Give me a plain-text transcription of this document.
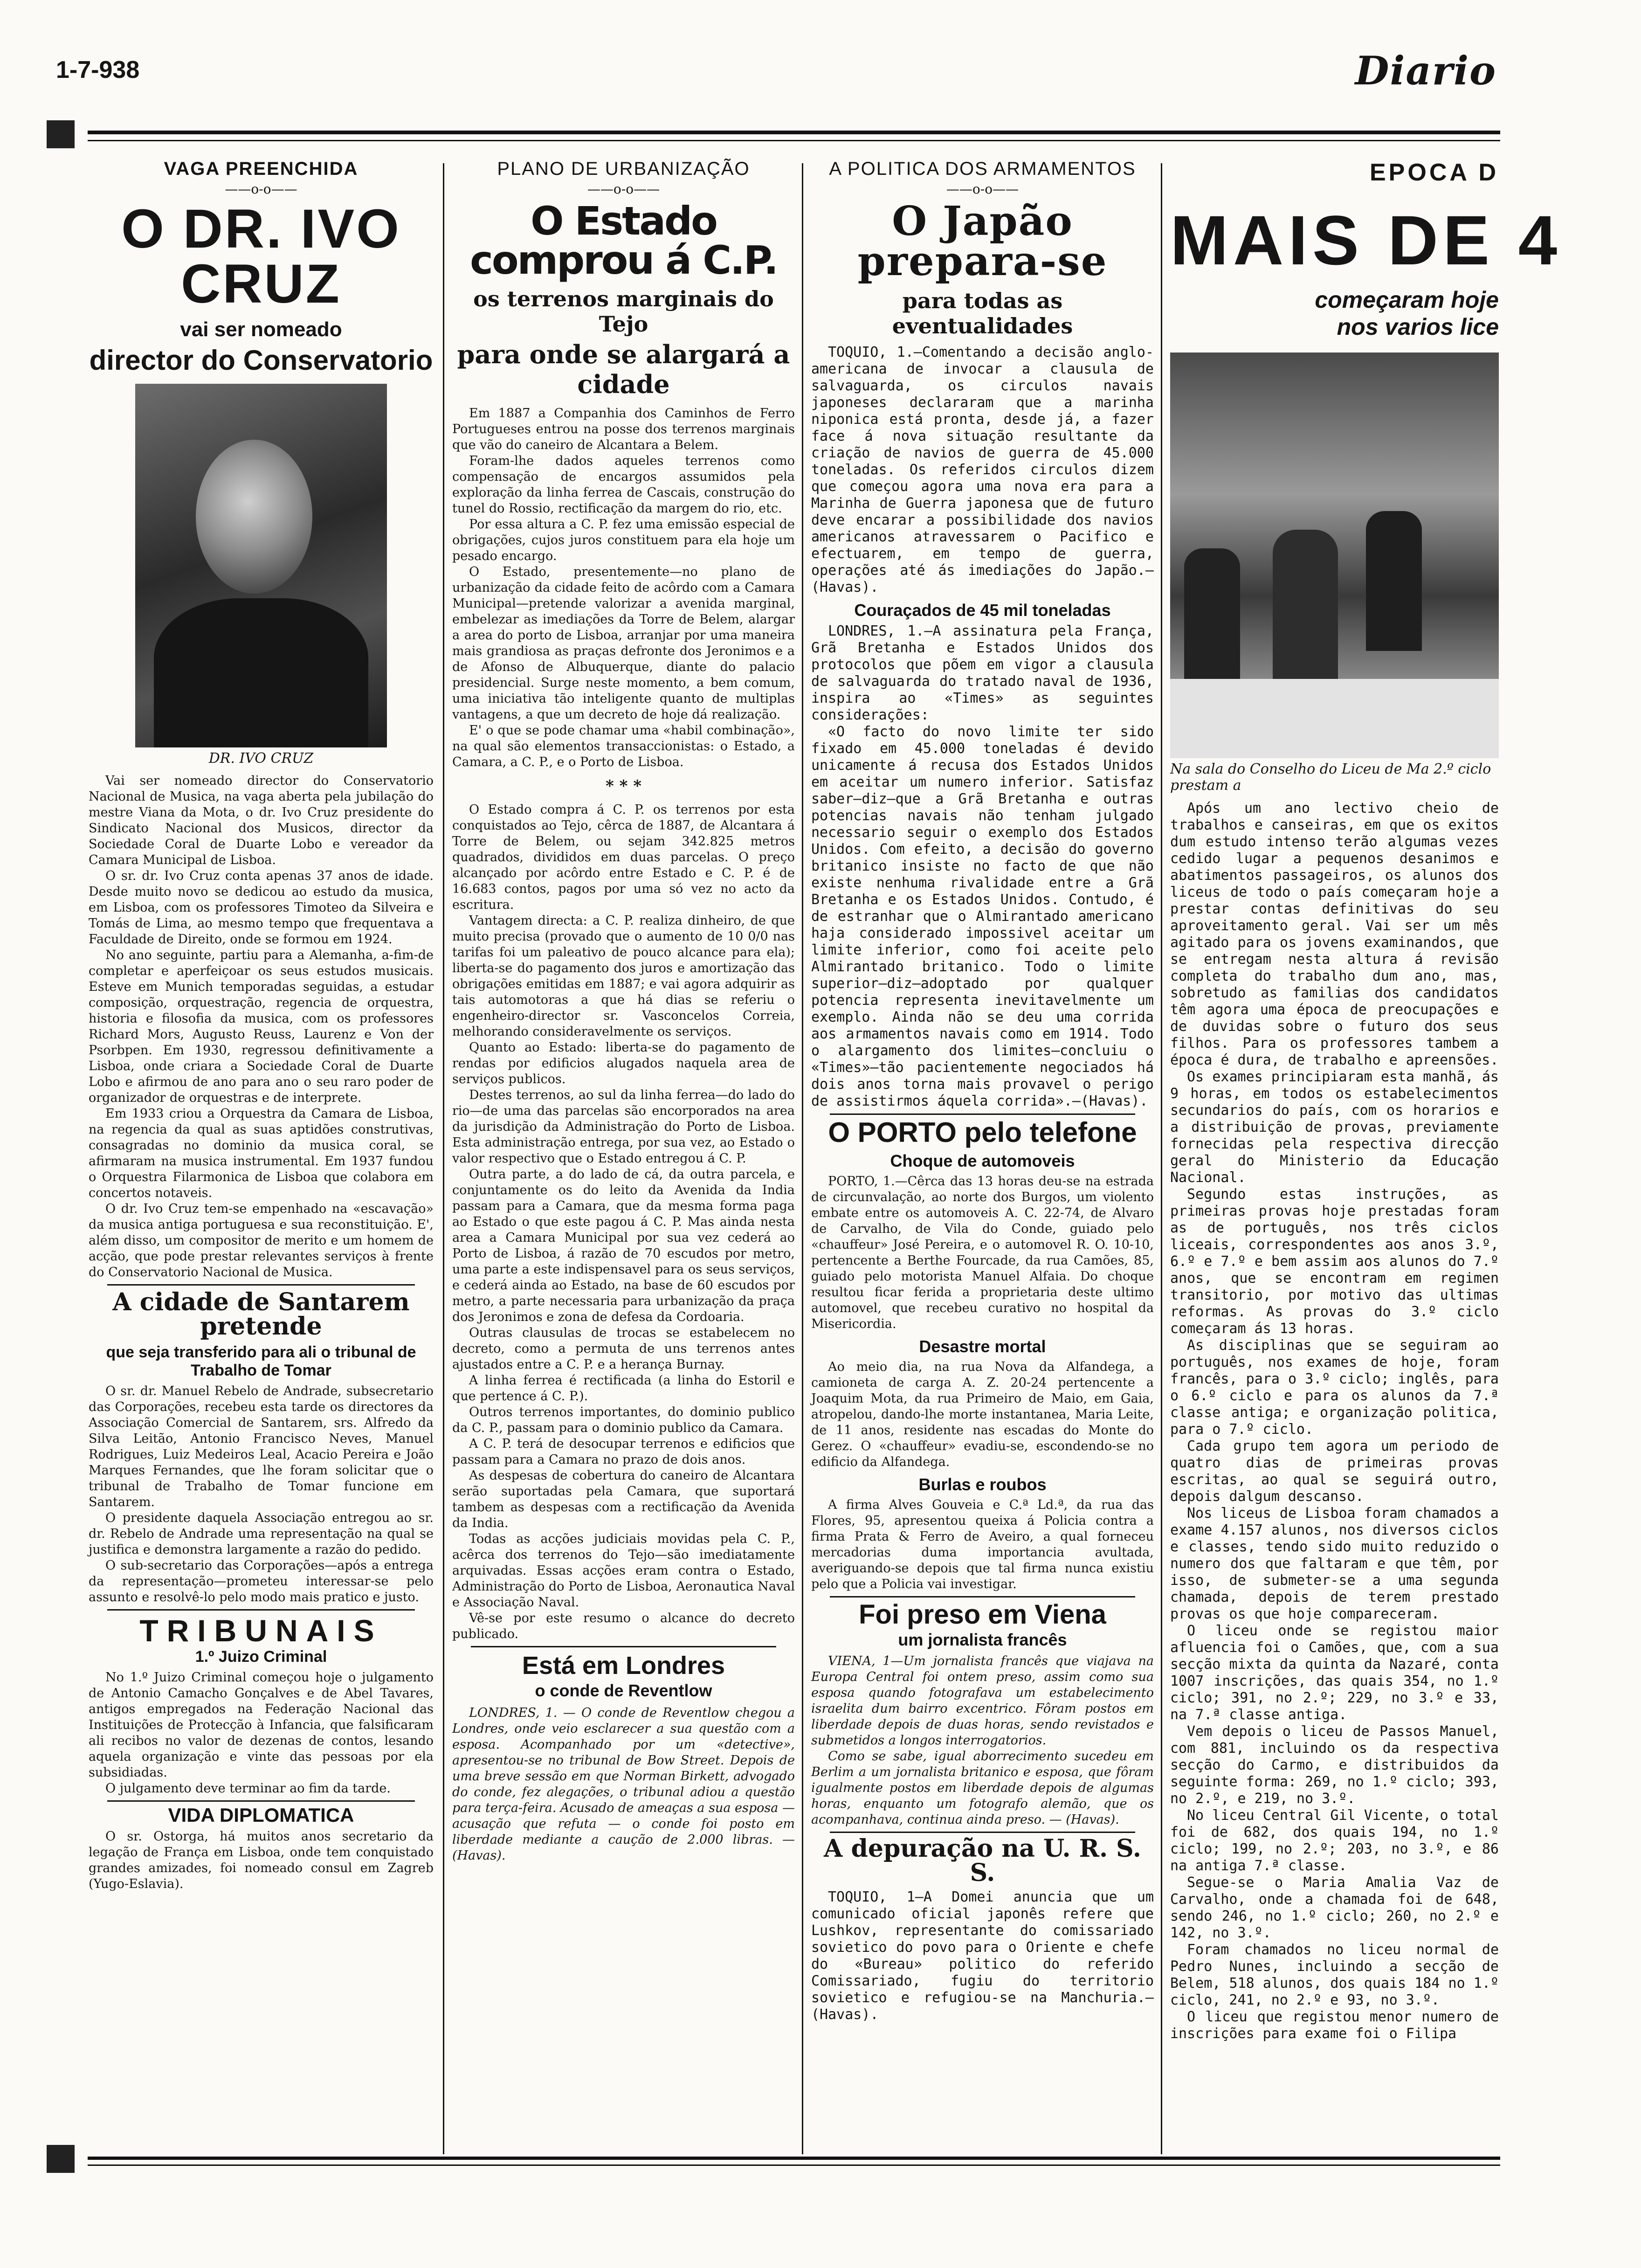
1-7-938	Diario
VAGA PREENCHIDA
——o-o——
O DR. IVO CRUZ
vai ser nomeado
director do Conservatorio
DR. IVO CRUZ

Vai ser nomeado director do Conservatorio Nacional de Musica, na vaga aberta pela jubilação do mestre Viana da Mota, o dr. Ivo Cruz presidente do Sindicato Nacional dos Musicos, director da Sociedade Coral de Duarte Lobo e vereador da Camara Municipal de Lisboa.

O sr. dr. Ivo Cruz conta apenas 37 anos de idade. Desde muito novo se dedicou ao estudo da musica, em Lisboa, com os professores Timoteo da Silveira e Tomás de Lima, ao mesmo tempo que frequentava a Faculdade de Direito, onde se formou em 1924.

No ano seguinte, partiu para a Alemanha, a-fim-de completar e aperfeiçoar os seus estudos musicais. Esteve em Munich temporadas seguidas, a estudar composição, orquestração, regencia de orquestra, historia e filosofia da musica, com os professores Richard Mors, Augusto Reuss, Laurenz e Von der Psorbpen. Em 1930, regressou definitivamente a Lisboa, onde criara a Sociedade Coral de Duarte Lobo e afirmou de ano para ano o seu raro poder de organizador de orquestras e de interprete.

Em 1933 criou a Orquestra da Camara de Lisboa, na regencia da qual as suas aptidões construtivas, consagradas no dominio da musica coral, se afirmaram na musica instrumental. Em 1937 fundou o Orquestra Filarmonica de Lisboa que colabora em concertos notaveis.

O dr. Ivo Cruz tem-se empenhado na «escavação» da musica antiga portuguesa e sua reconstituição. E', além disso, um compositor de merito e um homem de acção, que pode prestar relevantes serviços à frente do Conservatorio Nacional de Musica.

A cidade de Santarem pretende
que seja transferido para ali o tribunal de Trabalho de Tomar

O sr. dr. Manuel Rebelo de Andrade, subsecretario das Corporações, recebeu esta tarde os directores da Associação Comercial de Santarem, srs. Alfredo da Silva Leitão, Antonio Francisco Neves, Manuel Rodrigues, Luiz Medeiros Leal, Acacio Pereira e João Marques Fernandes, que lhe foram solicitar que o tribunal de Trabalho de Tomar funcione em Santarem.

O presidente daquela Associação entregou ao sr. dr. Rebelo de Andrade uma representação na qual se justifica e demonstra largamente a razão do pedido.

O sub-secretario das Corporações—após a entrega da representação—prometeu interessar-se pelo assunto e resolvê-lo pelo modo mais pratico e justo.

TRIBUNAIS
1.º Juizo Criminal

No 1.º Juizo Criminal começou hoje o julgamento de Antonio Camacho Gonçalves e de Abel Tavares, antigos empregados na Federação Nacional das Instituições de Protecção à Infancia, que falsificaram ali recibos no valor de dezenas de contos, lesando aquela organização e vinte das pessoas por ela subsidiadas.

O julgamento deve terminar ao fim da tarde.

VIDA DIPLOMATICA

O sr. Ostorga, há muitos anos secretario da legação de França em Lisboa, onde tem conquistado grandes amizades, foi nomeado consul em Zagreb (Yugo-Eslavia).

PLANO DE URBANIZAÇÃO
——o-o——
O Estado comprou á C.P.
os terrenos marginais do Tejo
para onde se alargará a cidade

Em 1887 a Companhia dos Caminhos de Ferro Portugueses entrou na posse dos terrenos marginais que vão do caneiro de Alcantara a Belem.

Foram-lhe dados aqueles terrenos como compensação de encargos assumidos pela exploração da linha ferrea de Cascais, construção do tunel do Rossio, rectificação da margem do rio, etc.

Por essa altura a C. P. fez uma emissão especial de obrigações, cujos juros constituem para ela hoje um pesado encargo.

O Estado, presentemente—no plano de urbanização da cidade feito de acôrdo com a Camara Municipal—pretende valorizar a avenida marginal, embelezar as imediações da Torre de Belem, alargar a area do porto de Lisboa, arranjar por uma maneira mais grandiosa as praças defronte dos Jeronimos e a de Afonso de Albuquerque, diante do palacio presidencial. Surge neste momento, a bem comum, uma iniciativa tão inteligente quanto de multiplas vantagens, a que um decreto de hoje dá realização.

E' o que se pode chamar uma «habil combinação», na qual são elementos transaccionistas: o Estado, a Camara, a C. P., e o Porto de Lisboa.

* * *

O Estado compra á C. P. os terrenos por esta conquistados ao Tejo, cêrca de 1887, de Alcantara á Torre de Belem, ou sejam 342.825 metros quadrados, divididos em duas parcelas. O preço alcançado por acôrdo entre Estado e C. P. é de 16.683 contos, pagos por uma só vez no acto da escritura.

Vantagem directa: a C. P. realiza dinheiro, de que muito precisa (provado que o aumento de 10 0/0 nas tarifas foi um paleativo de pouco alcance para ela); liberta-se do pagamento dos juros e amortização das obrigações emitidas em 1887; e vai agora adquirir as tais automotoras a que há dias se referiu o engenheiro-director sr. Vasconcelos Correia, melhorando consideravelmente os serviços.

Quanto ao Estado: liberta-se do pagamento de rendas por edificios alugados naquela area de serviços publicos.

Destes terrenos, ao sul da linha ferrea—do lado do rio—de uma das parcelas são encorporados na area da jurisdição da Administração do Porto de Lisboa. Esta administração entrega, por sua vez, ao Estado o valor respectivo que o Estado entregou á C. P.

Outra parte, a do lado de cá, da outra parcela, e conjuntamente os do leito da Avenida da India passam para a Camara, que da mesma forma paga ao Estado o que este pagou á C. P. Mas ainda nesta area a Camara Municipal por sua vez cederá ao Porto de Lisboa, á razão de 70 escudos por metro, uma parte a este indispensavel para os seus serviços, e cederá ainda ao Estado, na base de 60 escudos por metro, a parte necessaria para urbanização da praça dos Jeronimos e zona de defesa da Cordoaria.

Outras clausulas de trocas se estabelecem no decreto, como a permuta de uns terrenos antes ajustados entre a C. P. e a herança Burnay.

A linha ferrea é rectificada (a linha do Estoril e que pertence á C. P.).

Outros terrenos importantes, do dominio publico da C. P., passam para o dominio publico da Camara.

A C. P. terá de desocupar terrenos e edificios que passam para a Camara no prazo de dois anos.

As despesas de cobertura do caneiro de Alcantara serão suportadas pela Camara, que suportará tambem as despesas com a rectificação da Avenida da India.

Todas as acções judiciais movidas pela C. P., acêrca dos terrenos do Tejo—são imediatamente arquivadas. Essas acções eram contra o Estado, Administração do Porto de Lisboa, Aeronautica Naval e Associação Naval.

Vê-se por este resumo o alcance do decreto publicado.

Está em Londres
o conde de Reventlow

LONDRES, 1. — O conde de Reventlow chegou a Londres, onde veio esclarecer a sua questão com a esposa. Acompanhado por um «detective», apresentou-se no tribunal de Bow Street. Depois de uma breve sessão em que Norman Birkett, advogado do conde, fez alegações, o tribunal adiou a questão para terça-feira. Acusado de ameaças a sua esposa — acusação que refuta — o conde foi posto em liberdade mediante a caução de 2.000 libras. — (Havas).

A POLITICA DOS ARMAMENTOS
——o-o——
O Japão prepara-se
para todas as eventualidades

TOQUIO, 1.—Comentando a decisão anglo-americana de invocar a clausula de salvaguarda, os circulos navais japoneses declararam que a marinha niponica está pronta, desde já, a fazer face á nova situação resultante da criação de navios de guerra de 45.000 toneladas. Os referidos circulos dizem que começou agora uma nova era para a Marinha de Guerra japonesa que de futuro deve encarar a possibilidade dos navios americanos atravessarem o Pacifico e efectuarem, em tempo de guerra, operações até ás imediações do Japão.—(Havas).

Couraçados de 45 mil toneladas

LONDRES, 1.—A assinatura pela França, Grã Bretanha e Estados Unidos dos protocolos que põem em vigor a clausula de salvaguarda do tratado naval de 1936, inspira ao «Times» as seguintes considerações:

«O facto do novo limite ter sido fixado em 45.000 toneladas é devido unicamente á recusa dos Estados Unidos em aceitar um numero inferior. Satisfaz saber—diz—que a Grã Bretanha e outras potencias navais não tenham julgado necessario seguir o exemplo dos Estados Unidos. Com efeito, a decisão do governo britanico insiste no facto de que não existe nenhuma rivalidade entre a Grã Bretanha e os Estados Unidos. Contudo, é de estranhar que o Almirantado americano haja considerado impossivel aceitar um limite inferior, como foi aceite pelo Almirantado britanico. Todo o limite superior—diz—adoptado por qualquer potencia representa inevitavelmente um exemplo. Ainda não se deu uma corrida aos armamentos navais como em 1914. Todo o alargamento dos limites—concluiu o «Times»—tão pacientemente negociados há dois anos torna mais provavel o perigo de assistirmos áquela corrida».—(Havas).

O PORTO pelo telefone
Choque de automoveis

PORTO, 1.—Cêrca das 13 horas deu-se na estrada de circunvalação, ao norte dos Burgos, um violento embate entre os automoveis A. C. 22-74, de Alvaro de Carvalho, de Vila do Conde, guiado pelo «chauffeur» José Pereira, e o automovel R. O. 10-10, pertencente a Berthe Fourcade, da rua Camões, 85, guiado pelo motorista Manuel Alfaia. Do choque resultou ficar ferida a proprietaria deste ultimo automovel, que recebeu curativo no hospital da Misericordia.

Desastre mortal

Ao meio dia, na rua Nova da Alfandega, a camioneta de carga A. Z. 20-24 pertencente a Joaquim Mota, da rua Primeiro de Maio, em Gaia, atropelou, dando-lhe morte instantanea, Maria Leite, de 11 anos, residente nas escadas do Monte do Gerez. O «chauffeur» evadiu-se, escondendo-se no edificio da Alfandega.

Burlas e roubos

A firma Alves Gouveia e C.ª Ld.ª, da rua das Flores, 95, apresentou queixa á Policia contra a firma Prata & Ferro de Aveiro, a qual forneceu mercadorias duma importancia avultada, averiguando-se depois que tal firma nunca existiu pelo que a Policia vai investigar.

Foi preso em Viena
um jornalista francês

VIENA, 1—Um jornalista francês que viajava na Europa Central foi ontem preso, assim como sua esposa quando fotografava um estabelecimento israelita dum bairro excentrico. Fôram postos em liberdade depois de duas horas, sendo revistados e submetidos a longos interrogatorios.

Como se sabe, igual aborrecimento sucedeu em Berlim a um jornalista britanico e esposa, que fôram igualmente postos em liberdade depois de algumas horas, enquanto um fotografo alemão, que os acompanhava, continua ainda preso. — (Havas).

A depuração na U. R. S. S.

TOQUIO, 1—A Domei anuncia que um comunicado oficial japonês refere que Lushkov, representante do comissariado sovietico do povo para o Oriente e chefe do «Bureau» politico do referido Comissariado, fugiu do territorio sovietico e refugiou-se na Manchuria.—(Havas).

EPOCA D
MAIS DE 4
começaram hoje
nos varios lice
Na sala do Conselho do Liceu de Ma 2.º ciclo prestam a

Após um ano lectivo cheio de trabalhos e canseiras, em que os exitos dum estudo intenso terão algumas vezes cedido lugar a pequenos desanimos e abatimentos passageiros, os alunos dos liceus de todo o país começaram hoje a prestar contas definitivas do seu aproveitamento geral. Vai ser um mês agitado para os jovens examinandos, que se entregam nesta altura á revisão completa do trabalho dum ano, mas, sobretudo as familias dos candidatos têm agora uma época de preocupações e de duvidas sobre o futuro dos seus filhos. Para os professores tambem a época é dura, de trabalho e apreensões.

Os exames principiaram esta manhã, ás 9 horas, em todos os estabelecimentos secundarios do país, com os horarios e a distribuição de provas, previamente fornecidas pela respectiva direcção geral do Ministerio da Educação Nacional.

Segundo estas instruções, as primeiras provas hoje prestadas foram as de português, nos três ciclos liceais, correspondentes aos anos 3.º, 6.º e 7.º e bem assim aos alunos do 7.º anos, que se encontram em regimen transitorio, por motivo das ultimas reformas. As provas do 3.º ciclo começaram ás 13 horas.

As disciplinas que se seguiram ao português, nos exames de hoje, foram francês, para o 3.º ciclo; inglês, para o 6.º ciclo e para os alunos da 7.ª classe antiga; e organização politica, para o 7.º ciclo.

Cada grupo tem agora um periodo de quatro dias de primeiras provas escritas, ao qual se seguirá outro, depois dalgum descanso.

Nos liceus de Lisboa foram chamados a exame 4.157 alunos, nos diversos ciclos e classes, tendo sido muito reduzido o numero dos que faltaram e que têm, por isso, de submeter-se a uma segunda chamada, depois de terem prestado provas os que hoje compareceram.

O liceu onde se registou maior afluencia foi o Camões, que, com a sua secção mixta da quinta da Nazaré, conta 1007 inscrições, das quais 354, no 1.º ciclo; 391, no 2.º; 229, no 3.º e 33, na 7.ª classe antiga.

Vem depois o liceu de Passos Manuel, com 881, incluindo os da respectiva secção do Carmo, e distribuidos da seguinte forma: 269, no 1.º ciclo; 393, no 2.º, e 219, no 3.º.

No liceu Central Gil Vicente, o total foi de 682, dos quais 194, no 1.º ciclo; 199, no 2.º; 203, no 3.º, e 86 na antiga 7.ª classe.

Segue-se o Maria Amalia Vaz de Carvalho, onde a chamada foi de 648, sendo 246, no 1.º ciclo; 260, no 2.º e 142, no 3.º.

Foram chamados no liceu normal de Pedro Nunes, incluindo a secção de Belem, 518 alunos, dos quais 184 no 1.º ciclo, 241, no 2.º e 93, no 3.º.

O liceu que registou menor numero de inscrições para exame foi o Filipa
